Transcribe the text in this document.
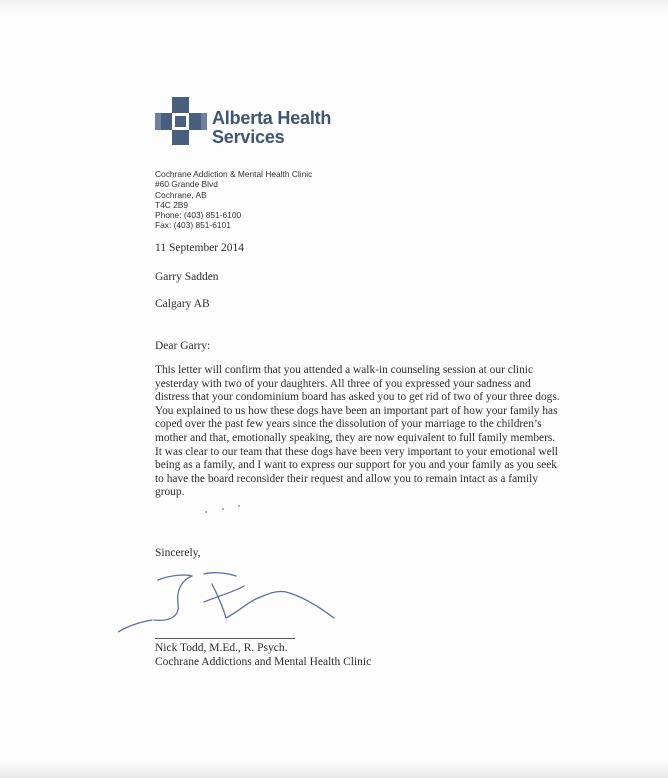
Alberta Health
Services
Cochrane Addiction & Mental Health Clinic
#60 Grande Blvd
Cochrane, AB
T4C 2B9
Phone: (403) 851-6100
Fax: (403) 851-6101
11 September 2014
Garry Sadden
Calgary AB
Dear Garry:
This letter will confirm that you attended a walk-in counseling session at our clinic
yesterday with two of your daughters. All three of you expressed your sadness and
distress that your condominium board has asked you to get rid of two of your three dogs.
You explained to us how these dogs have been an important part of how your family has
coped over the past few years since the dissolution of your marriage to the children’s
mother and that, emotionally speaking, they are now equivalent to full family members.
It was clear to our team that these dogs have been very important to your emotional well
being as a family, and I want to express our support for you and your family as you seek
to have the board reconsider their request and allow you to remain intact as a family
group.
Sincerely,
Nick Todd, M.Ed., R. Psych.
Cochrane Addictions and Mental Health Clinic
